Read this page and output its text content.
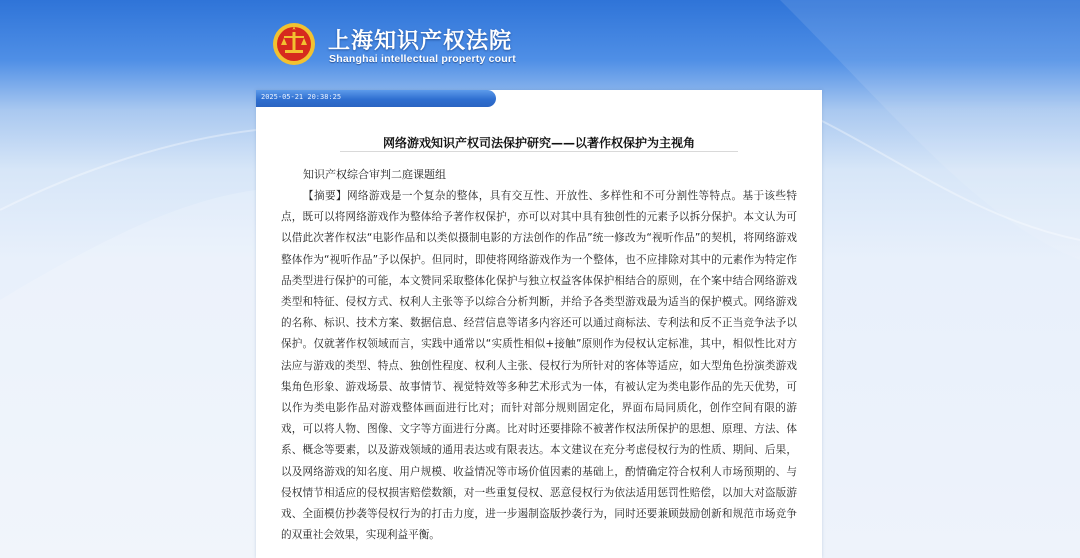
上海知识产权法院
Shanghai intellectual property court
2025-05-21 20:38:25
网络游戏知识产权司法保护研究——以著作权保护为主视角
知识产权综合审判二庭课题组

【摘要】网络游戏是一个复杂的整体，具有交互性、开放性、多样性和不可分割性等特点。基于该些特点，既可以将网络游戏作为整体给予著作权保护，亦可以对其中具有独创性的元素予以拆分保护。本文认为可以借此次著作权法“电影作品和以类似摄制电影的方法创作的作品”统一修改为“视听作品”的契机，将网络游戏整体作为“视听作品”予以保护。但同时，即使将网络游戏作为一个整体，也不应排除对其中的元素作为特定作品类型进行保护的可能，本文赞同采取整体化保护与独立权益客体保护相结合的原则，在个案中结合网络游戏类型和特征、侵权方式、权利人主张等予以综合分析判断，并给予各类型游戏最为适当的保护模式。网络游戏的名称、标识、技术方案、数据信息、经营信息等诸多内容还可以通过商标法、专利法和反不正当竞争法予以保护。仅就著作权领域而言，实践中通常以“实质性相似+接触”原则作为侵权认定标准，其中，相似性比对方法应与游戏的类型、特点、独创性程度、权利人主张、侵权行为所针对的客体等适应，如大型角色扮演类游戏集角色形象、游戏场景、故事情节、视觉特效等多种艺术形式为一体，有被认定为类电影作品的先天优势，可以作为类电影作品对游戏整体画面进行比对；而针对部分规则固定化，界面布局同质化，创作空间有限的游戏，可以将人物、图像、文字等方面进行分离。比对时还要排除不被著作权法所保护的思想、原理、方法、体系、概念等要素，以及游戏领域的通用表达或有限表达。本文建议在充分考虑侵权行为的性质、期间、后果，以及网络游戏的知名度、用户规模、收益情况等市场价值因素的基础上，酌情确定符合权利人市场预期的、与侵权情节相适应的侵权损害赔偿数额，对一些重复侵权、恶意侵权行为依法适用惩罚性赔偿，以加大对盗版游戏、全面模仿抄袭等侵权行为的打击力度，进一步遏制盗版抄袭行为，同时还要兼顾鼓励创新和规范市场竞争的双重社会效果，实现利益平衡。
